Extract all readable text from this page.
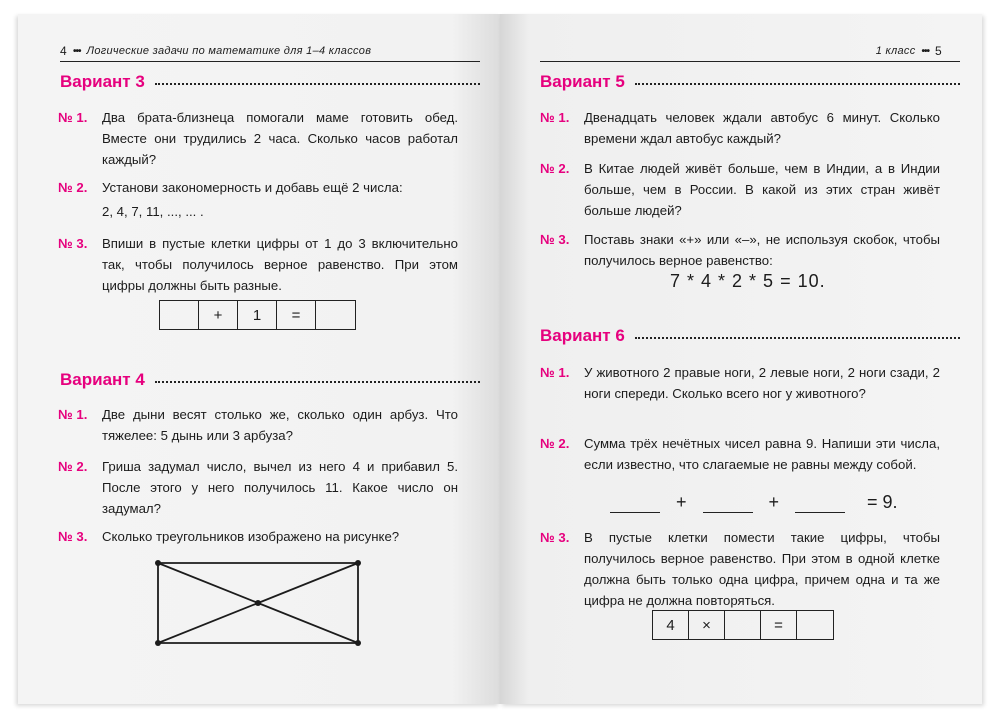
4 ••• Логические задачи по математике для 1–4 классов
Вариант 3
№ 1.	Два брата-близнеца помогали маме готовить обед. Вместе они трудились 2 часа. Сколько часов работал каждый?
№ 2.	Установи закономерность и добавь ещё 2 числа:
2, 4, 7, 11, ..., ... .
№ 3.	Впиши в пустые клетки цифры от 1 до 3 включительно так, чтобы получилось верное равенство. При этом цифры должны быть разные.
+	1	=
Вариант 4
№ 1.	Две дыни весят столько же, сколько один арбуз. Что тяжелее: 5 дынь или 3 арбуза?
№ 2.	Гриша задумал число, вычел из него 4 и прибавил 5. После этого у него получилось 11. Какое число он задумал?
№ 3.	Сколько треугольников изображено на рисунке?
1 класс ••• 5
Вариант 5
№ 1.	Двенадцать человек ждали автобус 6 минут. Сколько времени ждал автобус каждый?
№ 2.	В Китае людей живёт больше, чем в Индии, а в Индии больше, чем в России. В какой из этих стран живёт больше людей?
№ 3.	Поставь знаки «+» или «–», не используя скобок, чтобы получилось верное равенство:
7 * 4 * 2 * 5 = 10.
Вариант 6
№ 1.	У животного 2 правые ноги, 2 левые ноги, 2 ноги сзади, 2 ноги спереди. Сколько всего ног у животного?
№ 2.	Сумма трёх нечётных чисел равна 9. Напиши эти числа, если известно, что слагаемые не равны между собой.
+	+	= 9.
№ 3.	В пустые клетки помести такие цифры, чтобы получилось верное равенство. При этом в одной клетке должна быть только одна цифра, причем одна и та же цифра не должна повторяться.
4	×	=
